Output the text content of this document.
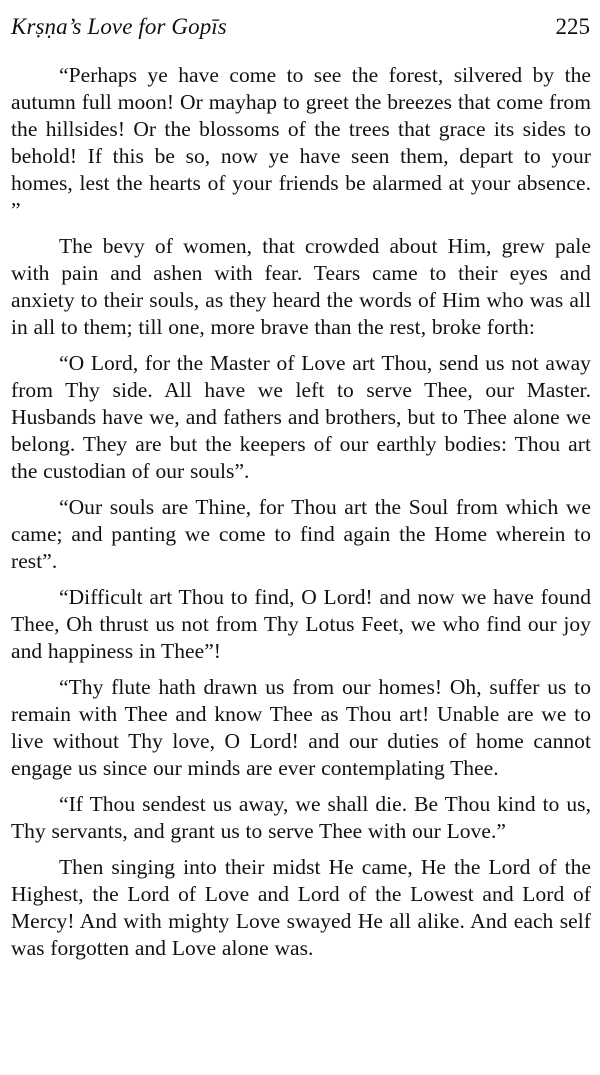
Krṣṇa’s Love for Gopīs	225

“Perhaps ye have come to see the forest, silvered by the autumn full moon! Or mayhap to greet the breezes that come from the hillsides! Or the blossoms of the trees that grace its sides to behold! If this be so, now ye have seen them, depart to your homes, lest the hearts of your friends be alarmed at your absence. ”

The bevy of women, that crowded about Him, grew pale with pain and ashen with fear. Tears came to their eyes and anxiety to their souls, as they heard the words of Him who was all in all to them; till one, more brave than the rest, broke forth:

“O Lord, for the Master of Love art Thou, send us not away from Thy side. All have we left to serve Thee, our Master. Husbands have we, and fathers and brothers, but to Thee alone we belong. They are but the keepers of our earthly bodies: Thou art the custodian of our souls”.

“Our souls are Thine, for Thou art the Soul from which we came; and panting we come to find again the Home wherein to rest”.

“Difficult art Thou to find, O Lord! and now we have found Thee, Oh thrust us not from Thy Lotus Feet, we who find our joy and happiness in Thee”!

“Thy flute hath drawn us from our homes! Oh, suffer us to remain with Thee and know Thee as Thou art! Unable are we to live without Thy love, O Lord! and our duties of home cannot engage us since our minds are ever contemplating Thee.

“If Thou sendest us away, we shall die. Be Thou kind to us, Thy servants, and grant us to serve Thee with our Love.”

Then singing into their midst He came, He the Lord of the Highest, the Lord of Love and Lord of the Lowest and Lord of Mercy! And with mighty Love swayed He all alike. And each self was forgotten and Love alone was.
